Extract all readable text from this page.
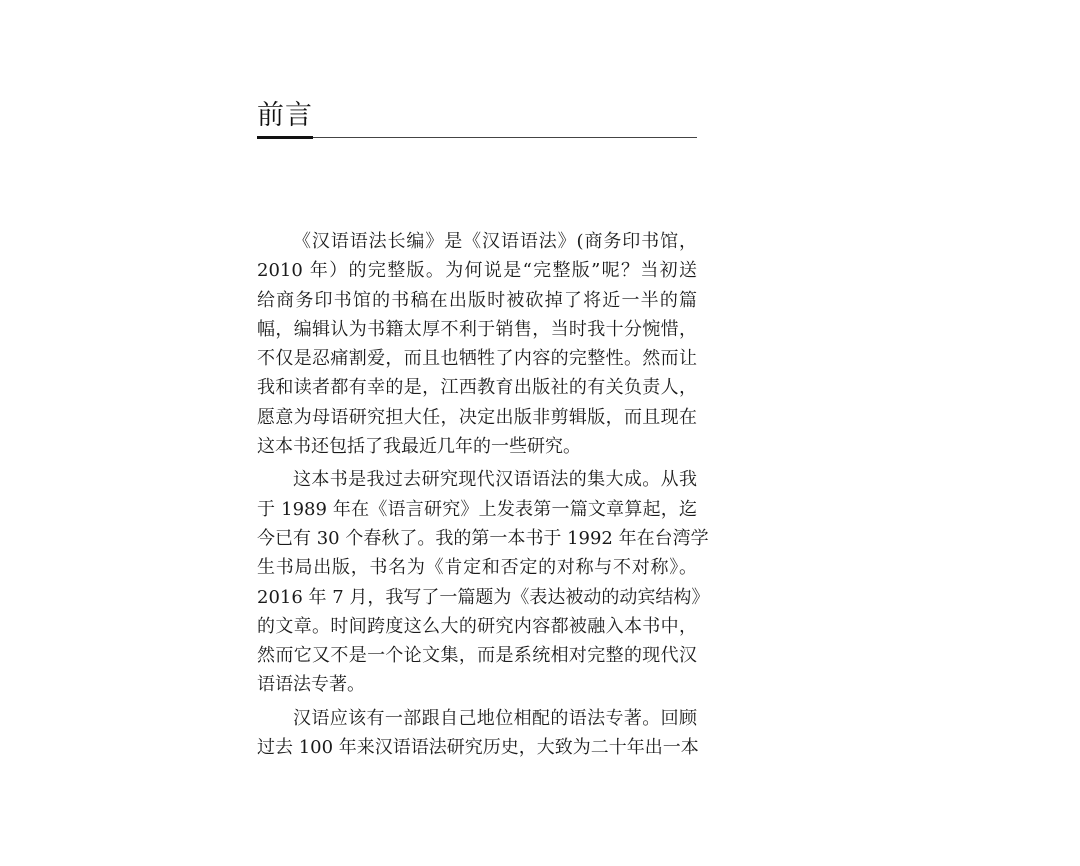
前言
《汉语语法长编》是《汉语语法》(商务印书馆，
2010 年）的完整版。为何说是“完整版”呢？当初送
给商务印书馆的书稿在出版时被砍掉了将近一半的篇
幅，编辑认为书籍太厚不利于销售，当时我十分惋惜，
不仅是忍痛割爱，而且也牺牲了内容的完整性。然而让
我和读者都有幸的是，江西教育出版社的有关负责人，
愿意为母语研究担大任，决定出版非剪辑版，而且现在
这本书还包括了我最近几年的一些研究。
这本书是我过去研究现代汉语语法的集大成。从我
于 1989 年在《语言研究》上发表第一篇文章算起，迄
今已有 30 个春秋了。我的第一本书于 1992 年在台湾学
生书局出版，书名为《肯定和否定的对称与不对称》。
2016 年 7 月，我写了一篇题为《表达被动的动宾结构》
的文章。时间跨度这么大的研究内容都被融入本书中，
然而它又不是一个论文集，而是系统相对完整的现代汉
语语法专著。
汉语应该有一部跟自己地位相配的语法专著。回顾
过去 100 年来汉语语法研究历史，大致为二十年出一本
